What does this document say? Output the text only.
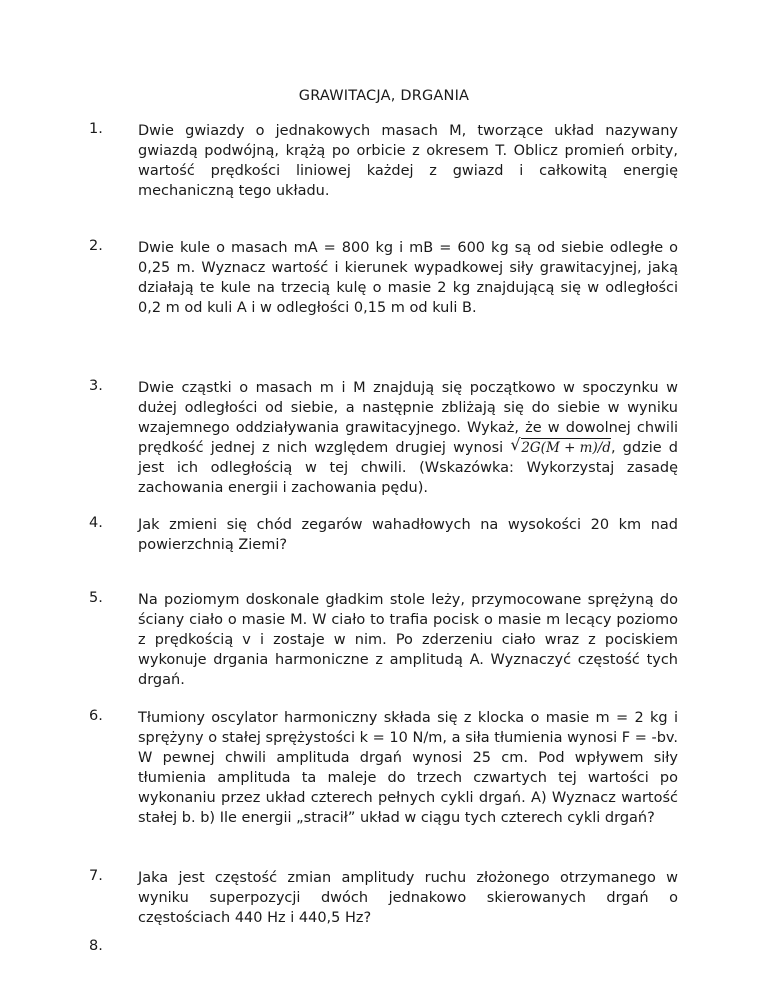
GRAWITACJA, DRGANIA
1. Dwie gwiazdy o jednakowych masach M, tworzące układ nazywany gwiazdą podwójną, krążą po orbicie z okresem T. Oblicz promień orbity, wartość prędkości liniowej każdej z gwiazd i całkowitą energię mechaniczną tego układu.

2. Dwie kule o masach mA = 800 kg i mB = 600 kg są od siebie odległe o 0,25 m. Wyznacz wartość i kierunek wypadkowej siły grawitacyjnej, jaką działają te kule na trzecią kulę o masie 2 kg znajdującą się w odległości 0,2 m od kuli A i w odległości 0,15 m od kuli B.

3. Dwie cząstki o masach m i M znajdują się początkowo w spoczynku w dużej odległości od siebie, a następnie zbliżają się do siebie w wyniku wzajemnego oddziaływania grawitacyjnego. Wykaż, że w dowolnej chwili prędkość jednej z nich względem drugiej wynosi √ 2G(M + m)/d, gdzie d jest ich odległością w tej chwili. (Wskazówka: Wykorzystaj zasadę zachowania energii i zachowania pędu).

4. Jak zmieni się chód zegarów wahadłowych na wysokości 20 km nad powierzchnią Ziemi?

5. Na poziomym doskonale gładkim stole leży, przymocowane sprężyną do ściany ciało o masie M. W ciało to trafia pocisk o masie m lecący poziomo z prędkością v i zostaje w nim. Po zderzeniu ciało wraz z pociskiem wykonuje drgania harmoniczne z amplitudą A. Wyznaczyć częstość tych drgań.

6. Tłumiony oscylator harmoniczny składa się z klocka o masie m = 2 kg i sprężyny o stałej sprężystości k = 10 N/m, a siła tłumienia wynosi F = -bv. W pewnej chwili amplituda drgań wynosi 25 cm. Pod wpływem siły tłumienia amplituda ta maleje do trzech czwartych tej wartości po wykonaniu przez układ czterech pełnych cykli drgań. A) Wyznacz wartość stałej b. b) Ile energii „stracił” układ w ciągu tych czterech cykli drgań?

7. Jaka jest częstość zmian amplitudy ruchu złożonego otrzymanego w wyniku superpozycji dwóch jednakowo skierowanych drgań o częstościach 440 Hz i 440,5 Hz?

8.
